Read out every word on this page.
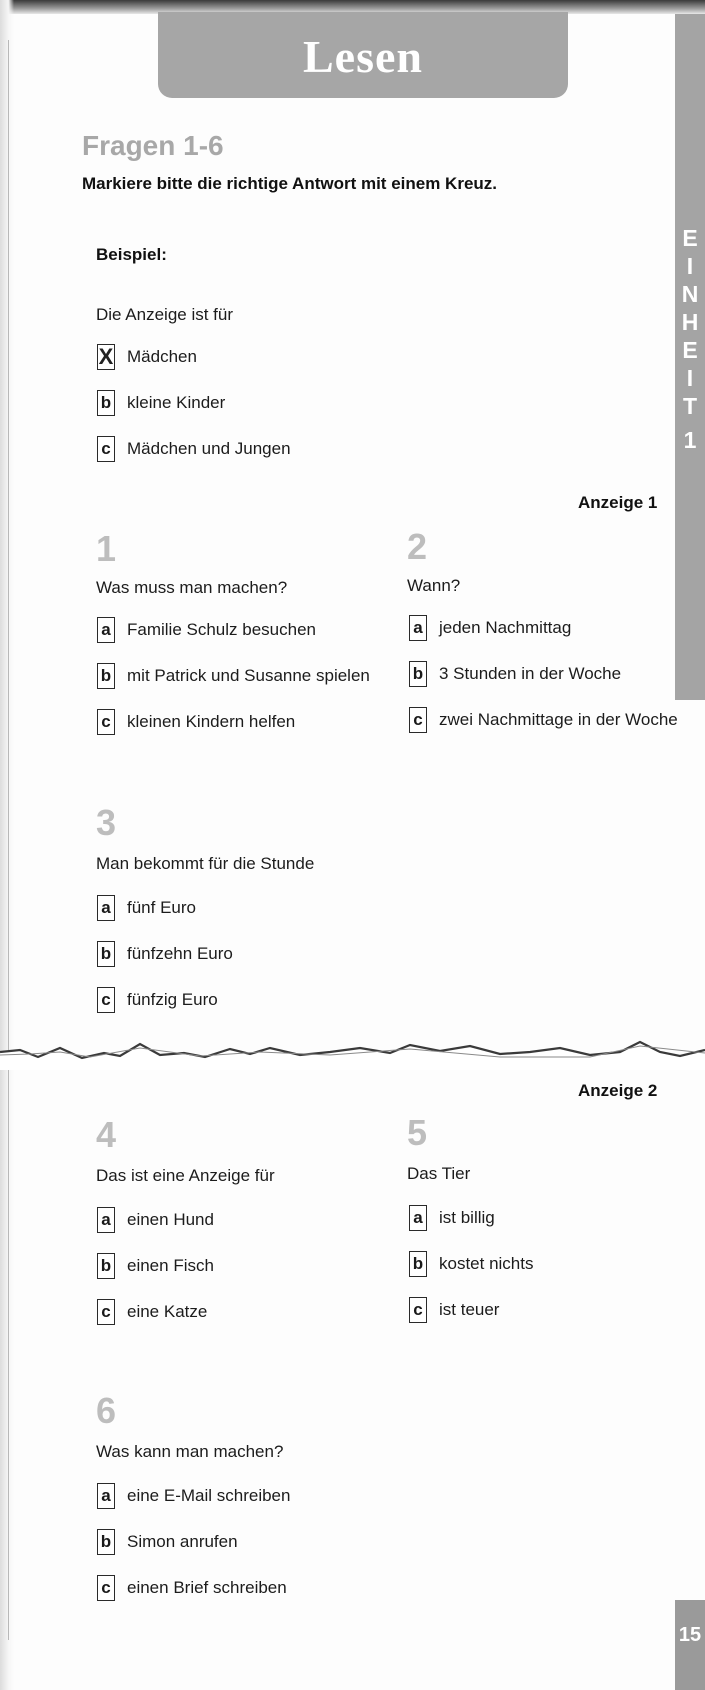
Lesen
E
I
N
H
E
I
T
1
15
Fragen 1-6
Markiere bitte die richtige Antwort mit einem Kreuz.
Beispiel:
Die Anzeige ist für
X Mädchen
b kleine Kinder
c Mädchen und Jungen
Anzeige 1
1
Was muss man machen?
a Familie Schulz besuchen
b mit Patrick und Susanne spielen
c kleinen Kindern helfen
2
Wann?
a jeden Nachmittag
b 3 Stunden in der Woche
c zwei Nachmittage in der Woche
3
Man bekommt für die Stunde
a fünf Euro
b fünfzehn Euro
c fünfzig Euro
Anzeige 2
4
Das ist eine Anzeige für
a einen Hund
b einen Fisch
c eine Katze
5
Das Tier
a ist billig
b kostet nichts
c ist teuer
6
Was kann man machen?
a eine E-Mail schreiben
b Simon anrufen
c einen Brief schreiben
